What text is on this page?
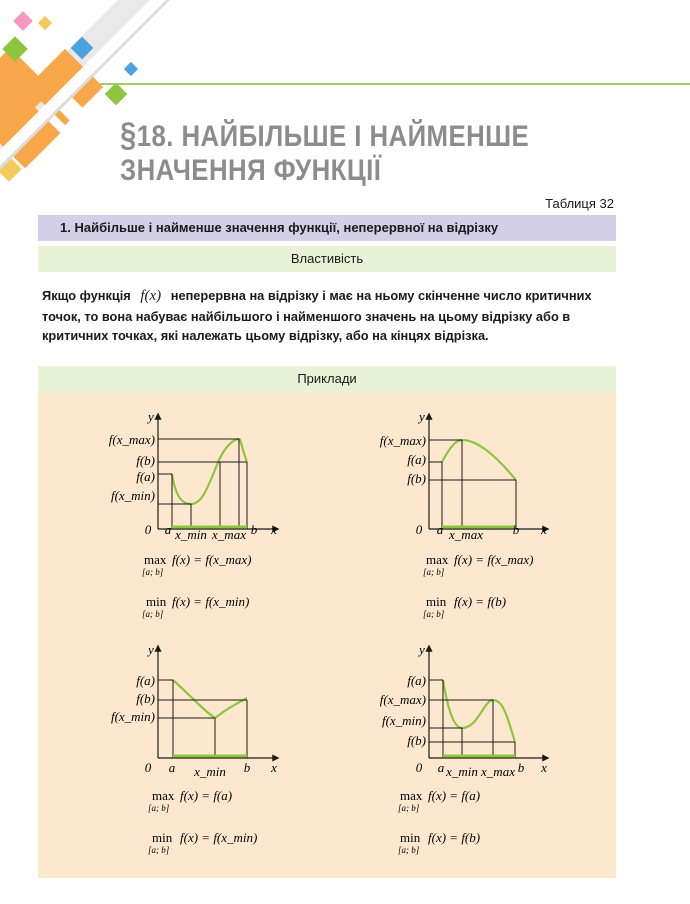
§18. НАЙБІЛЬШЕ І НАЙМЕНШЕ
ЗНАЧЕННЯ ФУНКЦІЇ
Таблиця 32
1. Найбільше і найменше значення функції, неперервної на відрізку
Властивість
Якщо функція f(x) неперервна на відрізку і має на ньому скінченне число критичних точок, то вона набуває найбільшого і найменшого значень на цьому відрізку або в критичних точках, які належать цьому відрізку, або на кінцях відрізка.
Приклади
y
f(x_max)
f(b)
f(a)
f(x_min)
0 a x_min x_max b x
max
[a; b]
f(x) = f(x_max)
min
[a; b]
f(x) = f(x_min)
y
f(x_max)
f(a)
f(b)
0 a x_max b x
max
[a; b]
f(x) = f(x_max)
min
[a; b]
f(x) = f(b)
y
f(a)
f(b)
f(x_min)
0 a x_min b x
max
[a; b]
f(x) = f(a)
min
[a; b]
f(x) = f(x_min)
y
f(a)
f(x_max)
f(x_min)
f(b)
0 a x_min x_max b x
max
[a; b]
f(x) = f(a)
min
[a; b]
f(x) = f(b)
